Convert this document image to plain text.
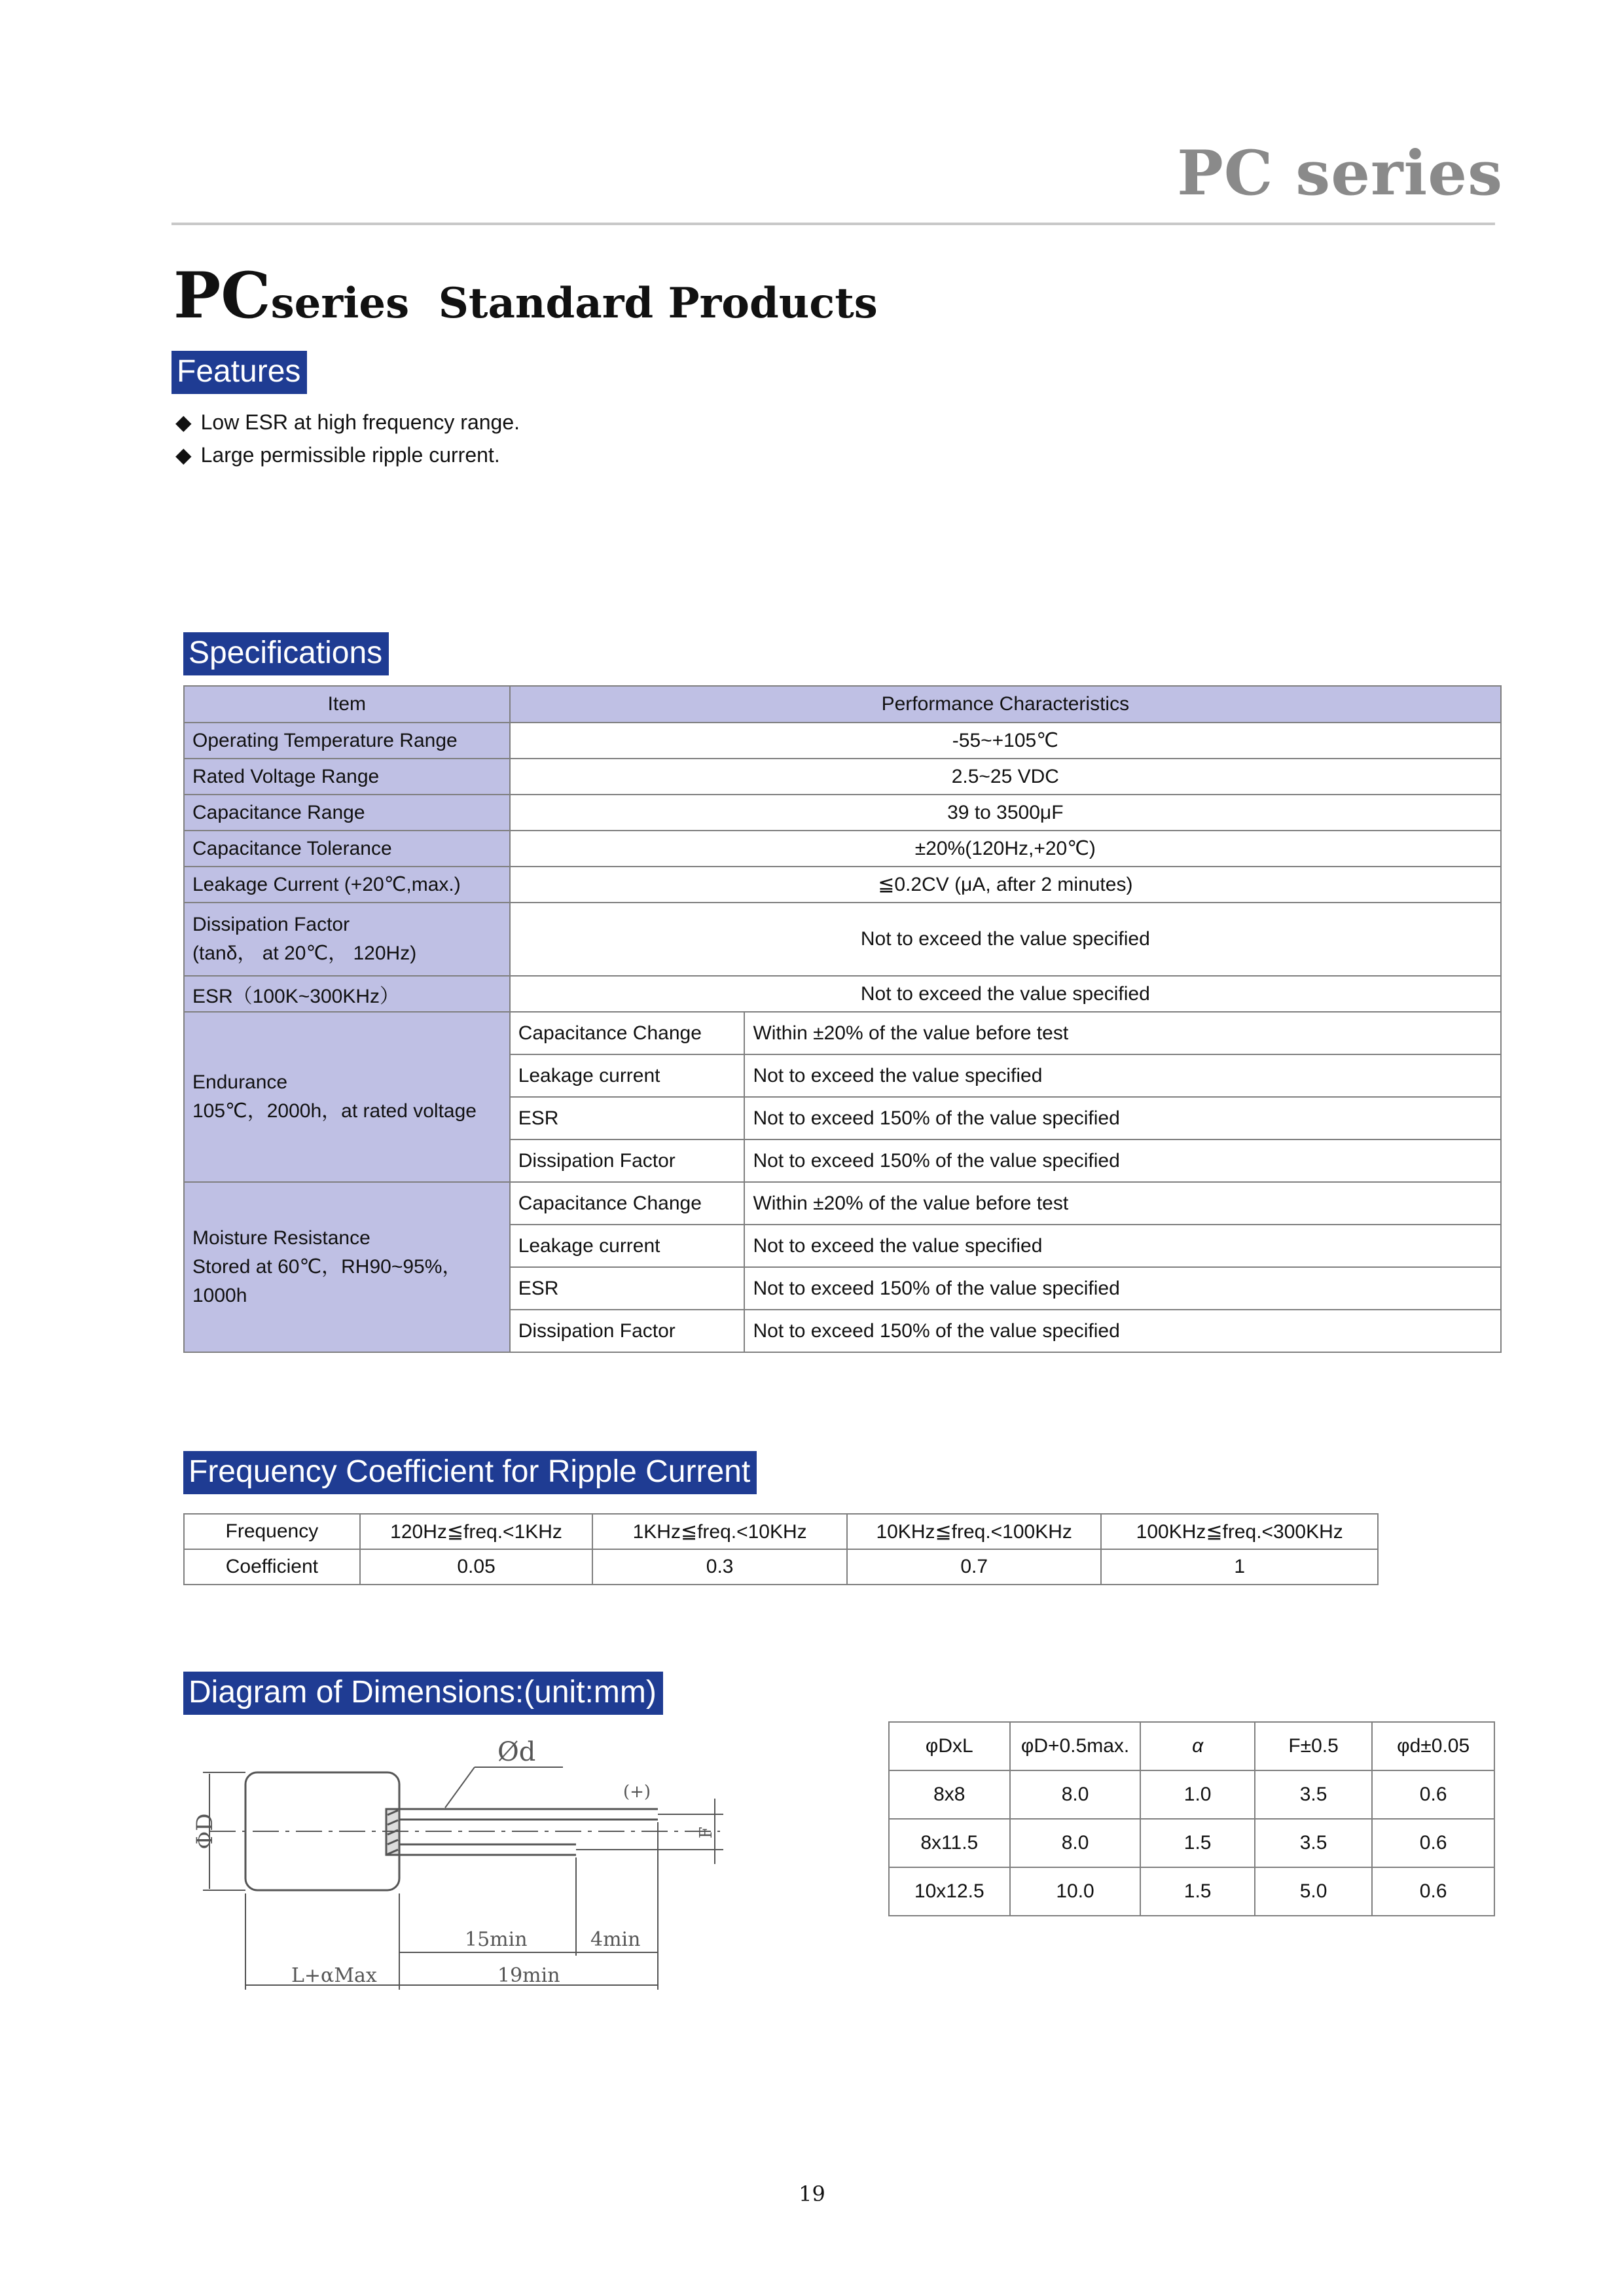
PC series
PCseries  Standard Products
Features
◆ Low ESR at high frequency range.
◆ Large permissible ripple current.
Specifications
Item	Performance Characteristics	
Operating Temperature Range	-55~+105℃	
Rated Voltage Range	2.5~25 VDC	
Capacitance Range	39 to 3500μF	
Capacitance Tolerance	±20%(120Hz,+20℃)	
Leakage Current (+20℃,max.)	≦0.2CV (μA, after 2 minutes)	

Dissipation Factor
(tanδ， at 20℃， 120Hz)	Not to exceed the value specified	
ESR（100K~300KHz）	Not to exceed the value specified	

Endurance
105℃，2000h，at rated voltage	Capacitance Change	Within ±20% of the value before test
	Leakage current	Not to exceed the value specified
	ESR	Not to exceed 150% of the value specified
	Dissipation Factor	Not to exceed 150% of the value specified

Moisture Resistance
Stored at 60℃，RH90~95%，
1000h	Capacitance Change	Within ±20% of the value before test
	Leakage current	Not to exceed the value specified
	ESR	Not to exceed 150% of the value specified
	Dissipation Factor	Not to exceed 150% of the value specified
Frequency Coefficient for Ripple Current
Frequency	120Hz≦freq.<1KHz	1KHz≦freq.<10KHz	10KHz≦freq.<100KHz	100KHz≦freq.<300KHz
Coefficient	0.05	0.3	0.7	1
Diagram of Dimensions:(unit:mm)
Ød
(+)
ΦD	F
15min	4min
L+αMax	19min
φDxL	φD+0.5max.	α	F±0.5	φd±0.05
8x8	8.0	1.0	3.5	0.6
8x11.5	8.0	1.5	3.5	0.6
10x12.5	10.0	1.5	5.0	0.6
19
